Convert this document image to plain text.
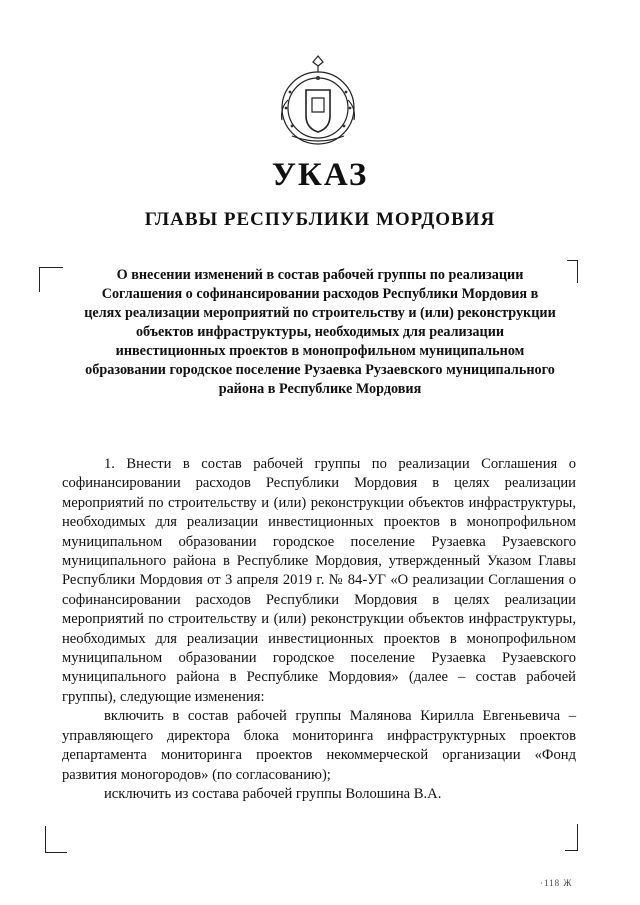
УКАЗ
ГЛАВЫ РЕСПУБЛИКИ МОРДОВИЯ
О внесении изменений в состав рабочей группы по реализации
Соглашения о софинансировании расходов Республики Мордовия в
целях реализации мероприятий по строительству и (или) реконструкции
объектов инфраструктуры, необходимых для реализации
инвестиционных проектов в монопрофильном муниципальном
образовании городское поселение Рузаевка Рузаевского муниципального
района в Республике Мордовия

1. Внести в состав рабочей группы по реализации Соглашения о софинансировании расходов Республики Мордовия в целях реализации мероприятий по строительству и (или) реконструкции объектов инфраструктуры, необходимых для реализации инвестиционных проектов в монопрофильном муниципальном образовании городское поселение Рузаевка Рузаевского муниципального района в Республике Мордовия, утвержденный Указом Главы Республики Мордовия от 3 апреля 2019 г. № 84-УГ «О реализации Соглашения о софинансировании расходов Республики Мордовия в целях реализации мероприятий по строительству и (или) реконструкции объектов инфраструктуры, необходимых для реализации инвестиционных проектов в монопрофильном муниципальном образовании городское поселение Рузаевка Рузаевского муниципального района в Республике Мордовия» (далее – состав рабочей группы), следующие изменения:

включить в состав рабочей группы Малянова Кирилла Евгеньевича – управляющего директора блока мониторинга инфраструктурных проектов департамента мониторинга проектов некоммерческой организации «Фонд развития моногородов» (по согласованию);

исключить из состава рабочей группы Волошина В.А.

·118 Ж
